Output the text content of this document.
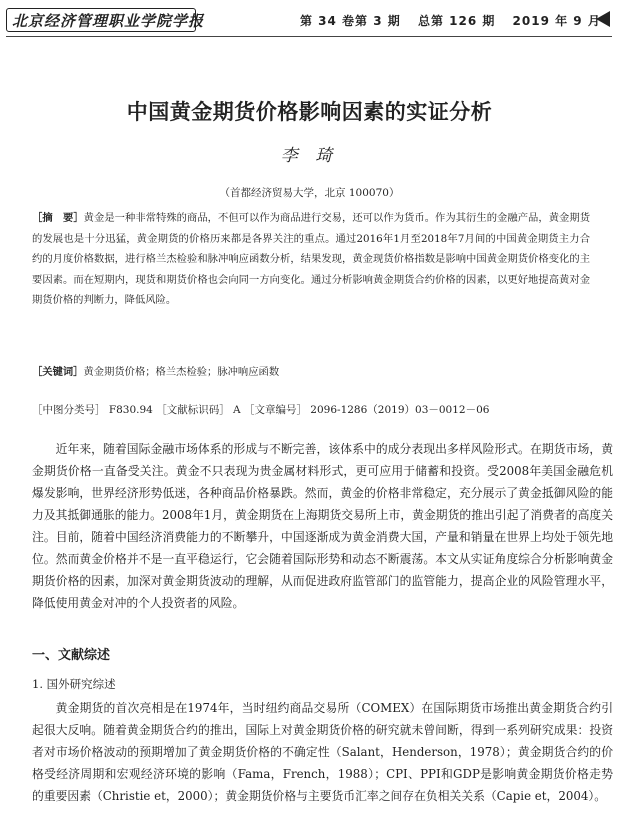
北京经济管理职业学院学报	第 34 卷第 3 期 总第 126 期 2019 年 9 月
中国黄金期货价格影响因素的实证分析
李 琦
（首都经济贸易大学，北京 100070）
［摘　要］黄金是一种非常特殊的商品，不但可以作为商品进行交易，还可以作为货币。作为其衍生的金融产品，黄金期货的发展也是十分迅猛，黄金期货的价格历来都是各界关注的重点。通过2016年1月至2018年7月间的中国黄金期货主力合约的月度价格数据，进行格兰杰检验和脉冲响应函数分析，结果发现，黄金现货价格指数是影响中国黄金期货价格变化的主要因素。而在短期内，现货和期货价格也会向同一方向变化。通过分析影响黄金期货合约价格的因素，以更好地提高黄对金期货价格的判断力，降低风险。
［关键词］黄金期货价格；格兰杰检验；脉冲响应函数
［中图分类号］ F830.94 ［文献标识码］ A ［文章编号］ 2096-1286（2019）03－0012－06
近年来，随着国际金融市场体系的形成与不断完善，该体系中的成分表现出多样风险形式。在期货市场，黄金期货价格一直备受关注。黄金不只表现为贵金属材料形式，更可应用于储蓄和投资。受2008年美国金融危机爆发影响，世界经济形势低迷，各种商品价格暴跌。然而，黄金的价格非常稳定，充分展示了黄金抵御风险的能力及其抵御通胀的能力。2008年1月，黄金期货在上海期货交易所上市，黄金期货的推出引起了消费者的高度关注。目前，随着中国经济消费能力的不断攀升，中国逐渐成为黄金消费大国，产量和销量在世界上均处于领先地位。然而黄金价格并不是一直平稳运行，它会随着国际形势和动态不断震荡。本文从实证角度综合分析影响黄金期货价格的因素，加深对黄金期货波动的理解，从而促进政府监管部门的监管能力，提高企业的风险管理水平，降低使用黄金对冲的个人投资者的风险。
一、文献综述
1. 国外研究综述
黄金期货的首次亮相是在1974年，当时纽约商品交易所（COMEX）在国际期货市场推出黄金期货合约引起很大反响。随着黄金期货合约的推出，国际上对黄金期货价格的研究就未曾间断，得到一系列研究成果：投资者对市场价格波动的预期增加了黄金期货价格的不确定性（Salant，Henderson，1978）；黄金期货合约的价格受经济周期和宏观经济环境的影响（Fama，French，1988）；CPI、PPI和GDP是影响黄金期货价格走势的重要因素（Christie et，2000）；黄金期货价格与主要货币汇率之间存在负相关关系（Capie et，2004）。
